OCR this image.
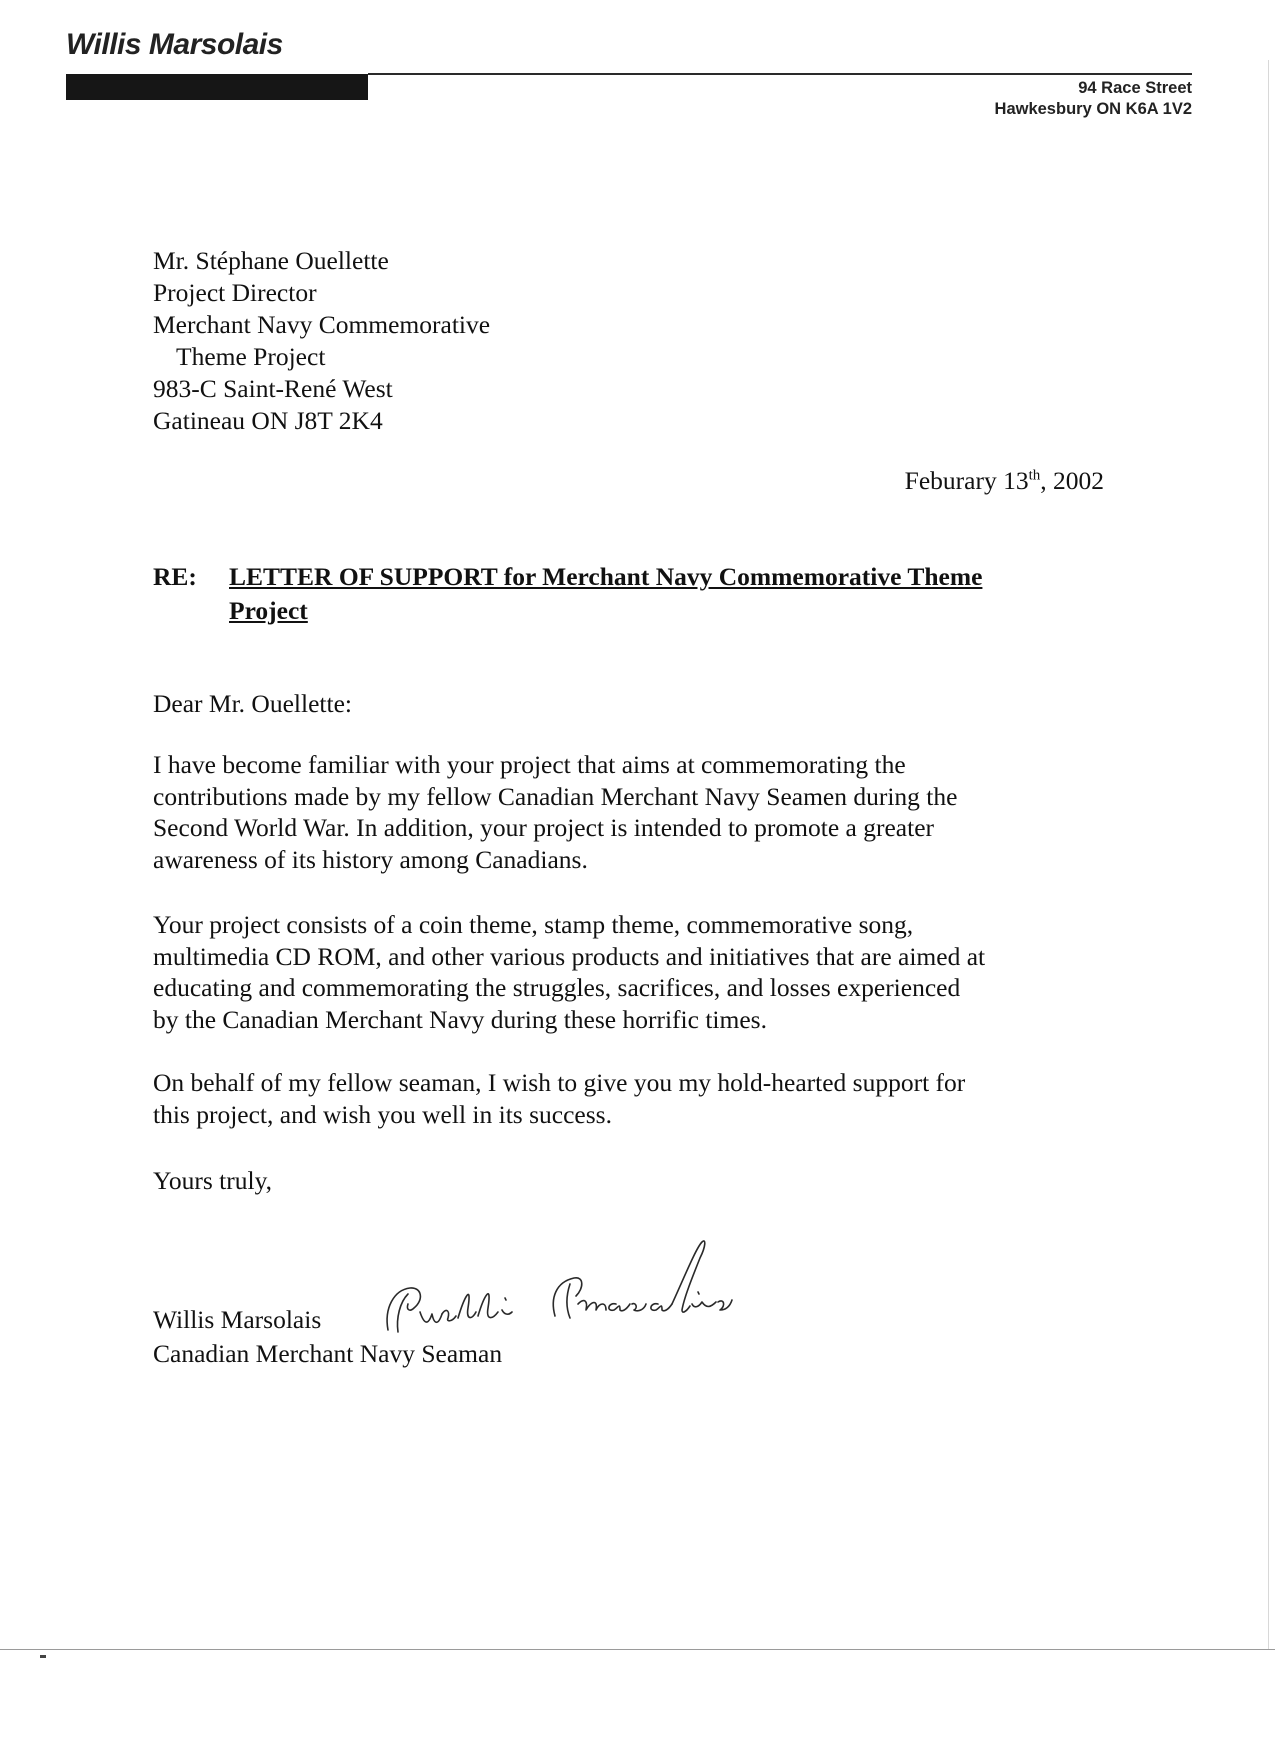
Willis Marsolais
94 Race Street
Hawkesbury ON K6A 1V2
Mr. Stéphane Ouellette
Project Director
Merchant Navy Commemorative
Theme Project
983-C Saint-René West
Gatineau ON J8T 2K4
Feburary 13th, 2002
RE: LETTER OF SUPPORT for Merchant Navy Commemorative Theme
Project
Dear Mr. Ouellette:
I have become familiar with your project that aims at commemorating the
contributions made by my fellow Canadian Merchant Navy Seamen during the
Second World War. In addition, your project is intended to promote a greater
awareness of its history among Canadians.
Your project consists of a coin theme, stamp theme, commemorative song,
multimedia CD ROM, and other various products and initiatives that are aimed at
educating and commemorating the struggles, sacrifices, and losses experienced
by the Canadian Merchant Navy during these horrific times.
On behalf of my fellow seaman, I wish to give you my hold-hearted support for
this project, and wish you well in its success.
Yours truly,
Willis Marsolais
Canadian Merchant Navy Seaman
